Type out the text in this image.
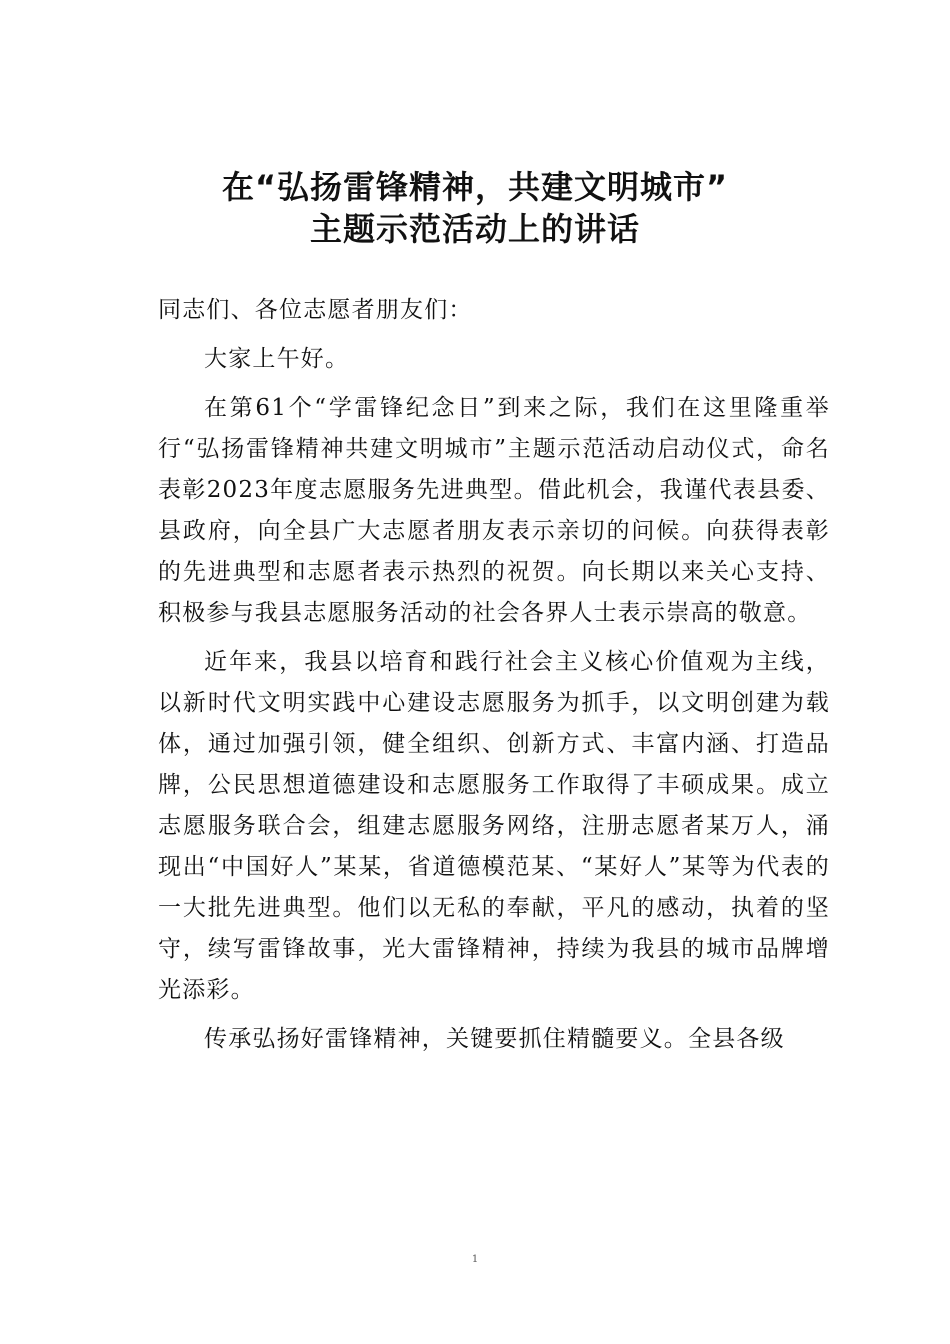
在“弘扬雷锋精神，共建文明城市”
主题示范活动上的讲话

同志们、各位志愿者朋友们：

大家上午好。

在第61个“学雷锋纪念日”到来之际，我们在这里隆重举行“弘扬雷锋精神共建文明城市”主题示范活动启动仪式，命名表彰2023年度志愿服务先进典型。借此机会，我谨代表县委、县政府，向全县广大志愿者朋友表示亲切的问候。向获得表彰的先进典型和志愿者表示热烈的祝贺。向长期以来关心支持、积极参与我县志愿服务活动的社会各界人士表示崇高的敬意。

近年来，我县以培育和践行社会主义核心价值观为主线，以新时代文明实践中心建设志愿服务为抓手，以文明创建为载体，通过加强引领，健全组织、创新方式、丰富内涵、打造品牌，公民思想道德建设和志愿服务工作取得了丰硕成果。成立志愿服务联合会，组建志愿服务网络，注册志愿者某万人，涌现出“中国好人”某某，省道德模范某、“某好人”某等为代表的一大批先进典型。他们以无私的奉献，平凡的感动，执着的坚守，续写雷锋故事，光大雷锋精神，持续为我县的城市品牌增光添彩。

传承弘扬好雷锋精神，关键要抓住精髓要义。全县各级

1
